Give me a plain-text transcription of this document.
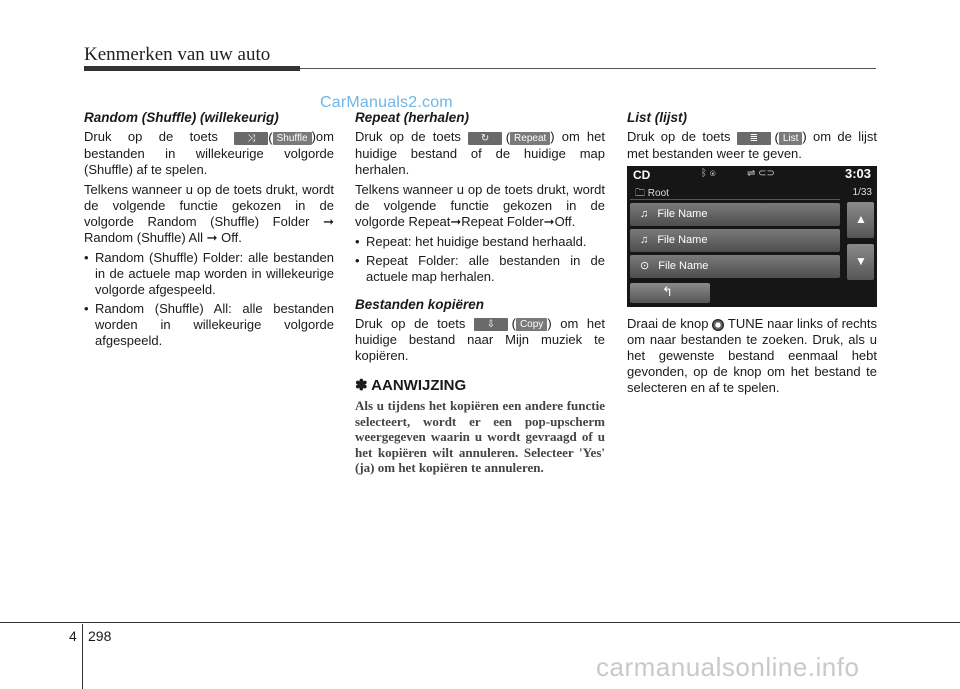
Kenmerken van uw auto
CarManuals2.com
Random (Shuffle) (willekeurig)

Druk op de toets	⤨ ( Shuffle )om bestanden in willekeurige volgorde (Shuffle) af te spelen.

Telkens wanneer u op de toets drukt, wordt de volgende functie gekozen in de volgorde Random (Shuffle) Folder ➞ Random (Shuffle) All ➞ Off.

• Random (Shuffle) Folder: alle bestanden in de actuele map worden in willekeurige volgorde afgespeeld.
• Random (Shuffle) All: alle bestanden worden in willekeurige volgorde afgespeeld.
Repeat (herhalen)

Druk op de toets ↻ ( Repeat ) om het huidige bestand of de huidige map herhalen.

Telkens wanneer u op de toets drukt, wordt de volgende functie gekozen in de volgorde Repeat➞Repeat Folder➞Off.

• Repeat: het huidige bestand herhaald.
• Repeat Folder: alle bestanden in de actuele map herhalen.
Bestanden kopiëren

Druk op de toets ⇩ ( Copy ) om het huidige bestand naar Mijn muziek te kopiëren.

✽ AANWIJZING
Als u tijdens het kopiëren een andere functie selecteert, wordt er een pop-upscherm weergegeven waarin u wordt gevraagd of u het kopiëren wilt annuleren. Selecteer 'Yes' (ja) om het kopiëren te annuleren.
List (lijst)

Druk op de toets ≣ ( List ) om de lijst met bestanden weer te geven.

CD	ᛒ ◉	⇌ ⊂⊃	3:03
🗀 Root	1/33
♫ File Name
♫ File Name
⊙ File Name
▲
▼
↰

Draai de knop TUNE naar links of rechts om naar bestanden te zoeken. Druk, als u het gewenste bestand eenmaal hebt gevonden, op de knop om het bestand te selecteren en af te spelen.

4 298
carmanualsonline.info
